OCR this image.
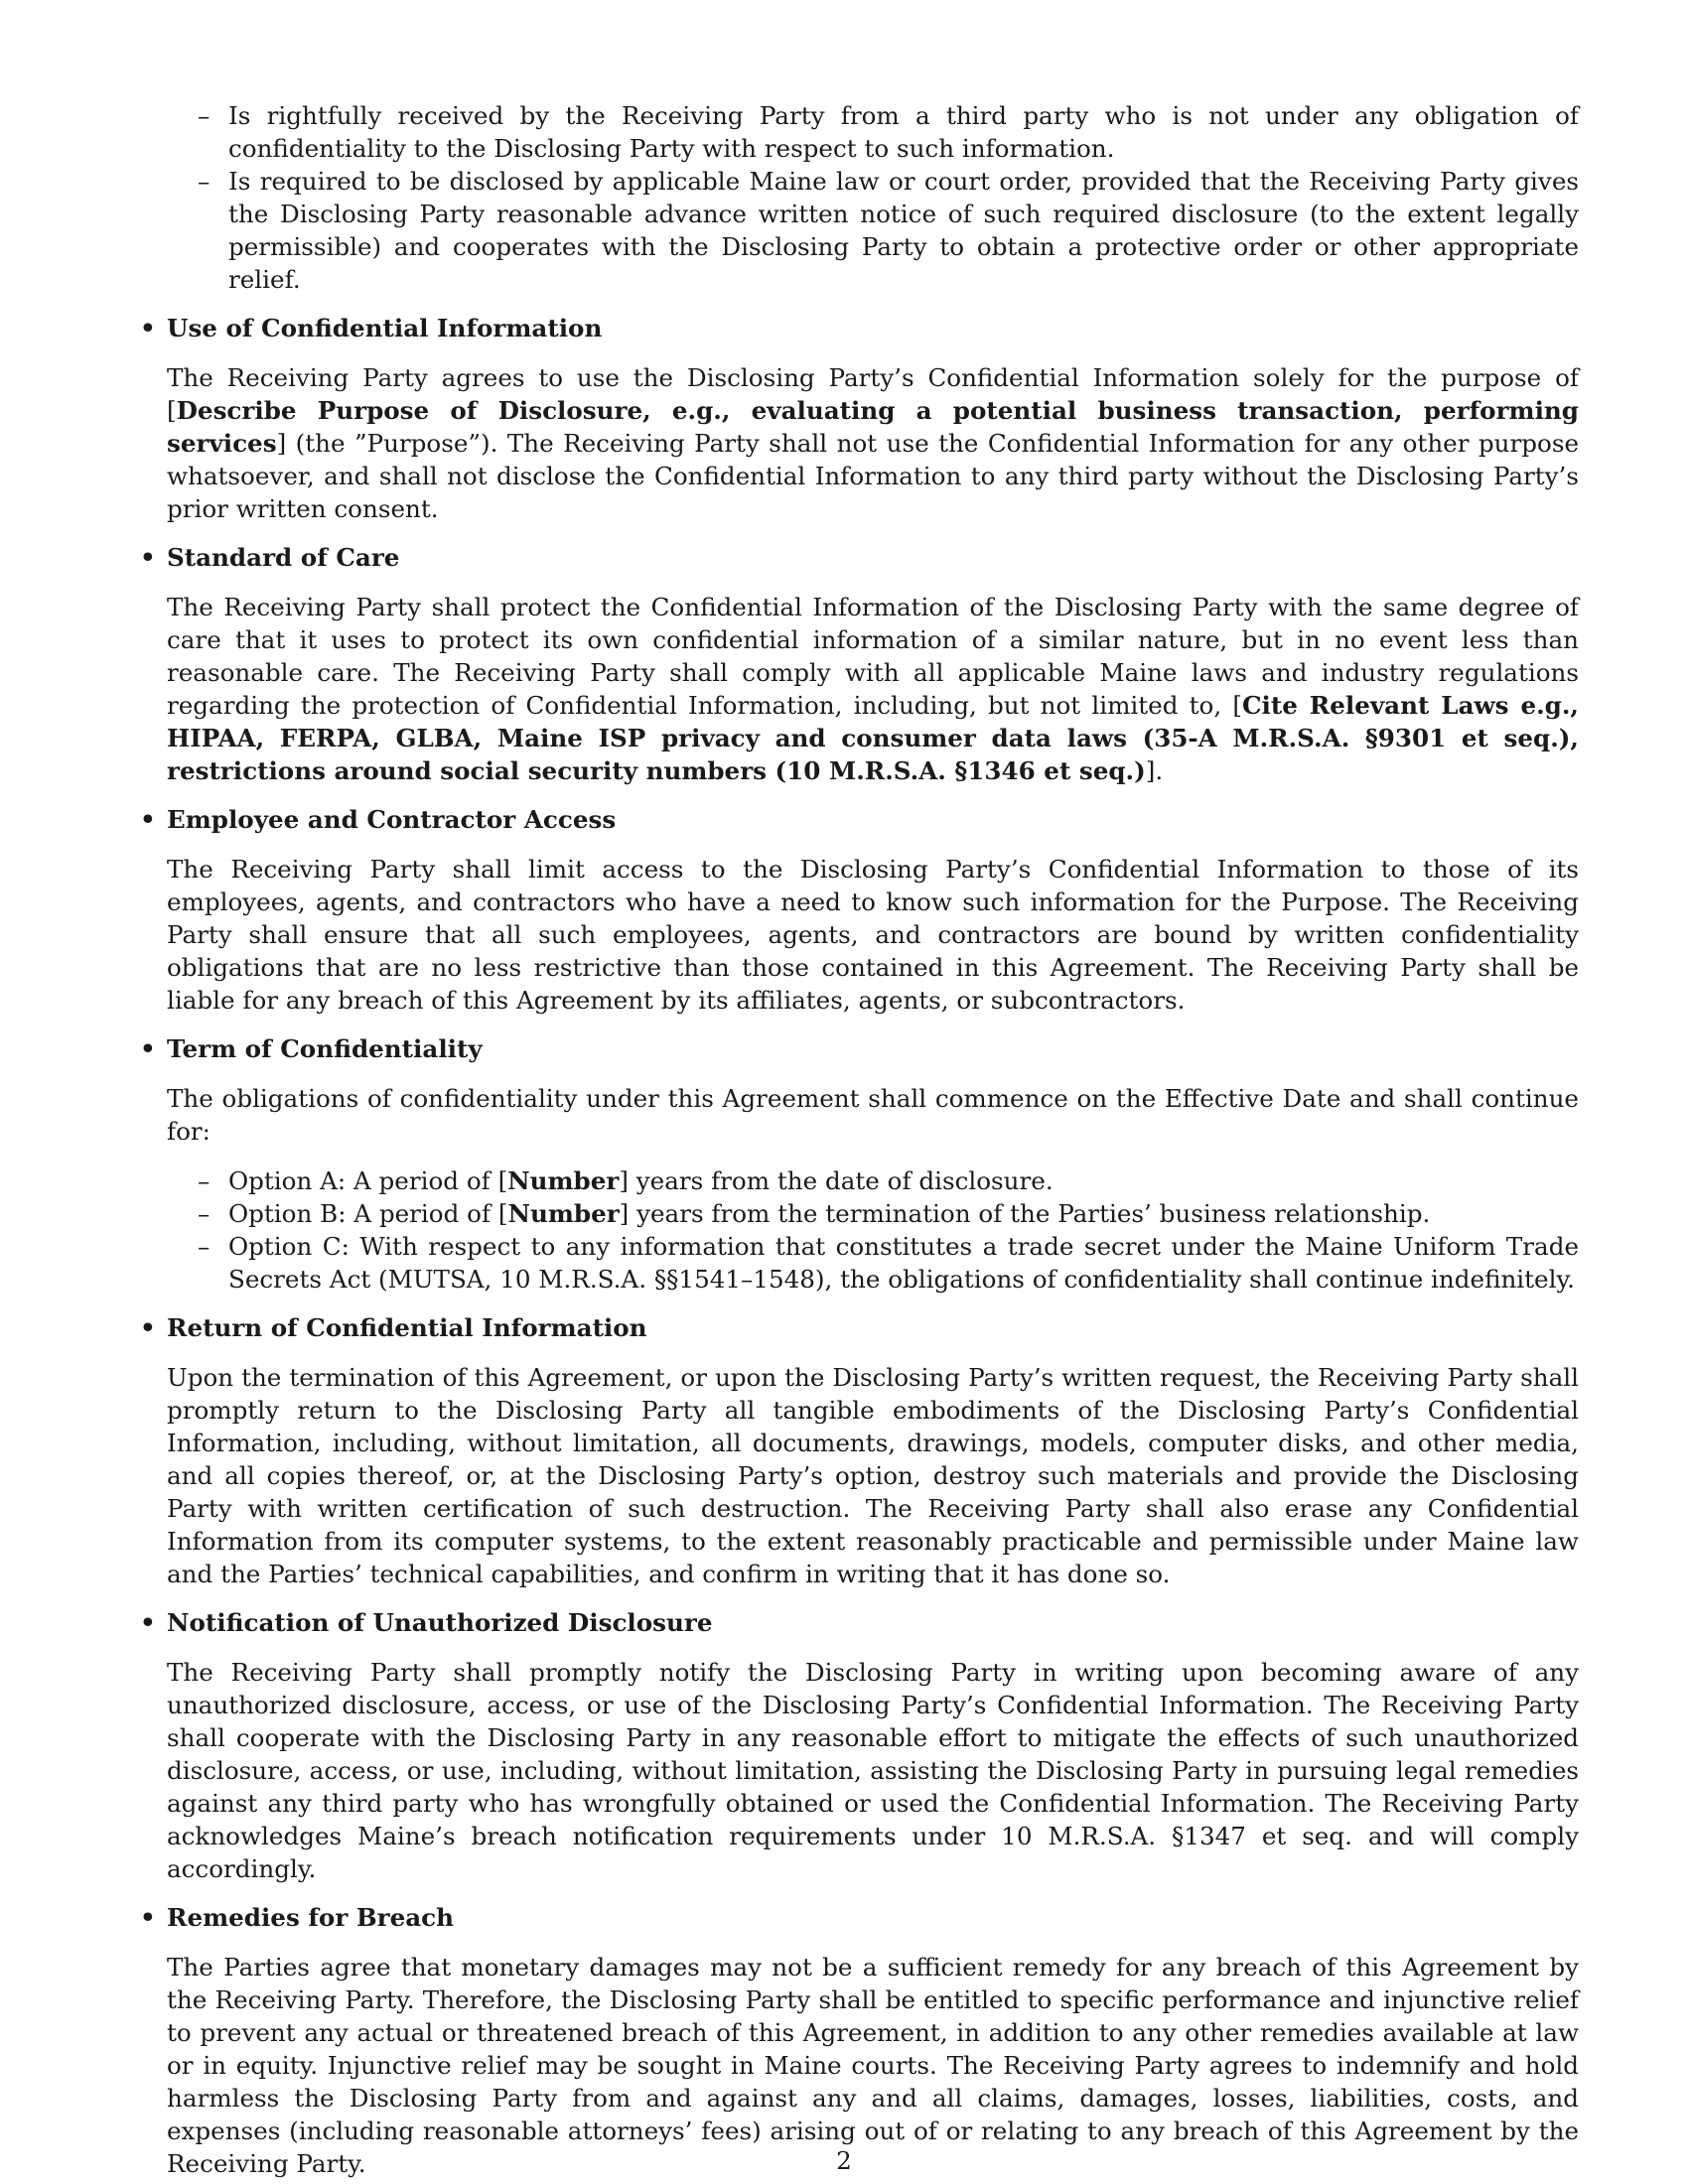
– Is rightfully received by the Receiving Party from a third party who is not under any obligation of confidentiality to the Disclosing Party with respect to such information.
– Is required to be disclosed by applicable Maine law or court order, provided that the Receiving Party gives the Disclosing Party reasonable advance written notice of such required disclosure (to the extent legally permissible) and cooperates with the Disclosing Party to obtain a protective order or other appropriate relief.
• Use of Confidential Information

The Receiving Party agrees to use the Disclosing Party’s Confidential Information solely for the purpose of [Describe Purpose of Disclosure, e.g., evaluating a potential business transaction, performing services] (the ”Purpose”). The Receiving Party shall not use the Confidential Information for any other purpose whatsoever, and shall not disclose the Confidential Information to any third party without the Disclosing Party’s prior written consent.

• Standard of Care

The Receiving Party shall protect the Confidential Information of the Disclosing Party with the same degree of care that it uses to protect its own confidential information of a similar nature, but in no event less than reasonable care. The Receiving Party shall comply with all applicable Maine laws and industry regulations regarding the protection of Confidential Information, including, but not limited to, [Cite Relevant Laws e.g., HIPAA, FERPA, GLBA, Maine ISP privacy and consumer data laws (35-A M.R.S.A. §9301 et seq.), restrictions around social security numbers (10 M.R.S.A. §1346 et seq.)].

• Employee and Contractor Access

The Receiving Party shall limit access to the Disclosing Party’s Confidential Information to those of its employees, agents, and contractors who have a need to know such information for the Purpose. The Receiving Party shall ensure that all such employees, agents, and contractors are bound by written confidentiality obligations that are no less restrictive than those contained in this Agreement. The Receiving Party shall be liable for any breach of this Agreement by its affiliates, agents, or subcontractors.

• Term of Confidentiality

The obligations of confidentiality under this Agreement shall commence on the Effective Date and shall continue for:

– Option A: A period of [Number] years from the date of disclosure.
– Option B: A period of [Number] years from the termination of the Parties’ business relationship.
– Option C: With respect to any information that constitutes a trade secret under the Maine Uniform Trade Secrets Act (MUTSA, 10 M.R.S.A. §§1541–1548), the obligations of confidentiality shall continue indefinitely.
• Return of Confidential Information

Upon the termination of this Agreement, or upon the Disclosing Party’s written request, the Receiving Party shall promptly return to the Disclosing Party all tangible embodiments of the Disclosing Party’s Confidential Information, including, without limitation, all documents, drawings, models, computer disks, and other media, and all copies thereof, or, at the Disclosing Party’s option, destroy such materials and provide the Disclosing Party with written certification of such destruction. The Receiving Party shall also erase any Confidential Information from its computer systems, to the extent reasonably practicable and permissible under Maine law and the Parties’ technical capabilities, and confirm in writing that it has done so.

• Notification of Unauthorized Disclosure

The Receiving Party shall promptly notify the Disclosing Party in writing upon becoming aware of any unauthorized disclosure, access, or use of the Disclosing Party’s Confidential Information. The Receiving Party shall cooperate with the Disclosing Party in any reasonable effort to mitigate the effects of such unauthorized disclosure, access, or use, including, without limitation, assisting the Disclosing Party in pursuing legal remedies against any third party who has wrongfully obtained or used the Confidential Information. The Receiving Party acknowledges Maine’s breach notification requirements under 10 M.R.S.A. §1347 et seq. and will comply accordingly.

• Remedies for Breach

The Parties agree that monetary damages may not be a sufficient remedy for any breach of this Agreement by the Receiving Party. Therefore, the Disclosing Party shall be entitled to specific performance and injunctive relief to prevent any actual or threatened breach of this Agreement, in addition to any other remedies available at law or in equity. Injunctive relief may be sought in Maine courts. The Receiving Party agrees to indemnify and hold harmless the Disclosing Party from and against any and all claims, damages, losses, liabilities, costs, and expenses (including reasonable attorneys’ fees) arising out of or relating to any breach of this Agreement by the Receiving Party.	2
